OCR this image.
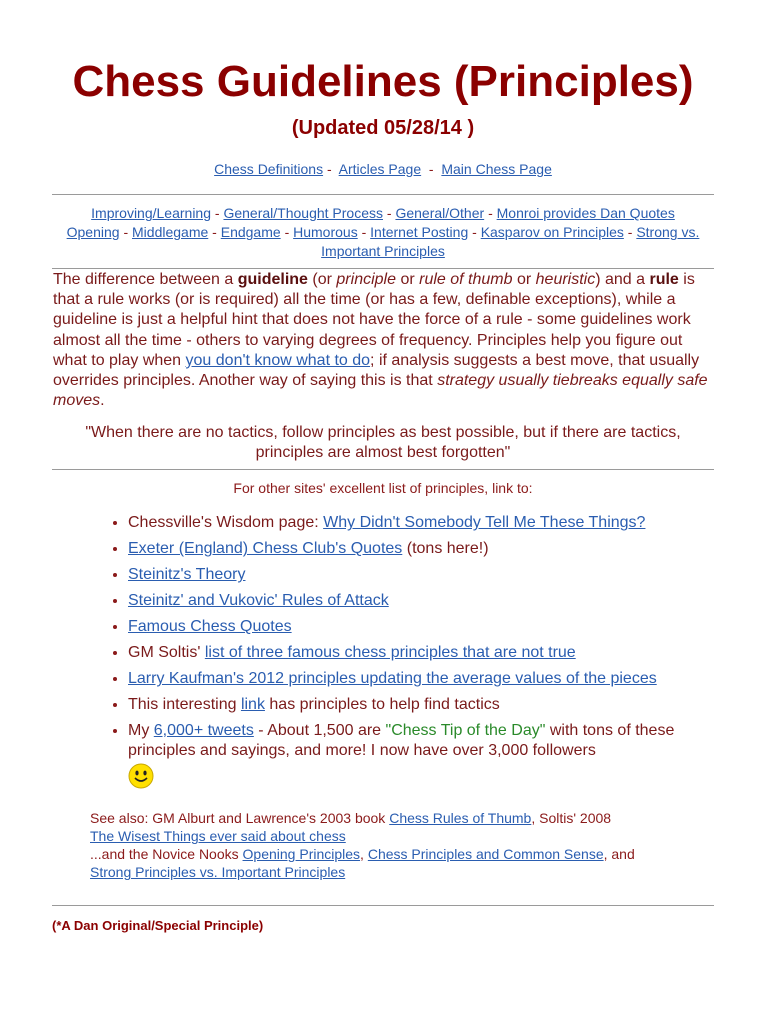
Chess Guidelines (Principles)
(Updated 05/28/14 )
Chess Definitions - Articles Page - Main Chess Page
Improving/Learning - General/Thought Process - General/Other - Monroi provides Dan Quotes
Opening - Middlegame - Endgame - Humorous - Internet Posting - Kasparov on Principles - Strong vs. Important Principles
The difference between a guideline (or principle or rule of thumb or heuristic) and a rule is that a rule works (or is required) all the time (or has a few, definable exceptions), while a guideline is just a helpful hint that does not have the force of a rule - some guidelines work almost all the time - others to varying degrees of frequency. Principles help you figure out what to play when you don't know what to do; if analysis suggests a best move, that usually overrides principles. Another way of saying this is that strategy usually tiebreaks equally safe moves.
"When there are no tactics, follow principles as best possible, but if there are tactics, principles are almost best forgotten"
For other sites' excellent list of principles, link to:
• Chessville's Wisdom page: Why Didn't Somebody Tell Me These Things?
• Exeter (England) Chess Club's Quotes (tons here!)
• Steinitz's Theory
• Steinitz' and Vukovic' Rules of Attack
• Famous Chess Quotes
• GM Soltis' list of three famous chess principles that are not true
• Larry Kaufman's 2012 principles updating the average values of the pieces
• This interesting link has principles to help find tactics
• My 6,000+ tweets - About 1,500 are "Chess Tip of the Day" with tons of these principles and sayings, and more! I now have over 3,000 followers

See also: GM Alburt and Lawrence's 2003 book Chess Rules of Thumb, Soltis' 2008
The Wisest Things ever said about chess
...and the Novice Nooks Opening Principles, Chess Principles and Common Sense, and
Strong Principles vs. Important Principles
(*A Dan Original/Special Principle)
